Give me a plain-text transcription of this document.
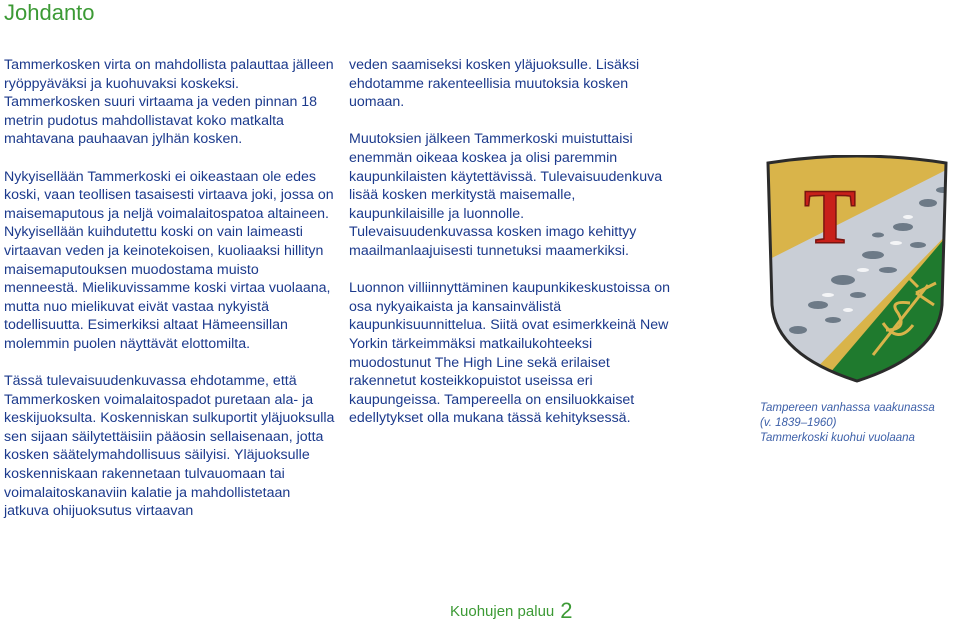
Johdanto

Tammerkosken virta on mahdollista palauttaa jälleen ryöppyäväksi ja kuohuvaksi koskeksi. Tammerkosken suuri virtaama ja veden pinnan 18 metrin pudotus mahdollistavat koko matkalta mahtavana pauhaavan jylhän kosken.

Nykyisellään Tammerkoski ei oikeastaan ole edes koski, vaan teollisen tasaisesti virtaava joki, jossa on maisemaputous ja neljä voimalaitospatoa altaineen. Nykyisellään kuihdutettu koski on vain laimeasti virtaavan veden ja keinotekoisen, kuoliaaksi hillityn maisemaputouksen muodostama muisto menneestä. Mielikuvissamme koski virtaa vuolaana, mutta nuo mielikuvat eivät vastaa nykyistä todellisuutta. Esimerkiksi altaat Hämeensillan molemmin puolen näyttävät elottomilta.

Tässä tulevaisuudenkuvassa ehdotamme, että Tammerkosken voimalaitospadot puretaan ala- ja keskijuoksulta. Koskenniskan sulkuportit yläjuoksulla sen sijaan säilytettäisiin pääosin sellaisenaan, jotta kosken säätelymahdollisuus säilyisi. Yläjuoksulle koskenniskaan rakennetaan tulvauomaan tai voimalaitoskanaviin kalatie ja mahdollistetaan jatkuva ohijuoksutus virtaavan

veden saamiseksi kosken yläjuoksulle. Lisäksi ehdotamme rakenteellisia muutoksia kosken uomaan.

Muutoksien jälkeen Tammerkoski muistuttaisi enemmän oikeaa koskea ja olisi paremmin kaupunkilaisten käytettävissä. Tulevaisuudenkuva lisää kosken merkitystä maisemalle, kaupunkilaisille ja luonnolle. Tulevaisuudenkuvassa kosken imago kehittyy maailmanlaajuisesti tunnetuksi maamerkiksi.

Luonnon villiinnyttäminen kaupunkikeskustoissa on osa nykyaikaista ja kansainvälistä kaupunkisuunnittelua. Siitä ovat esimerkkeinä New Yorkin tärkeimmäksi matkailukohteeksi muodostunut The High Line sekä erilaiset rakennetut kosteikkopuistot useissa eri kaupungeissa. Tampereella on ensiluokkaiset edellytykset olla mukana tässä kehityksessä.

T
Tampereen vanhassa vaakunassa
(v. 1839–1960)
Tammerkoski kuohui vuolaana
Kuohujen paluu 2
